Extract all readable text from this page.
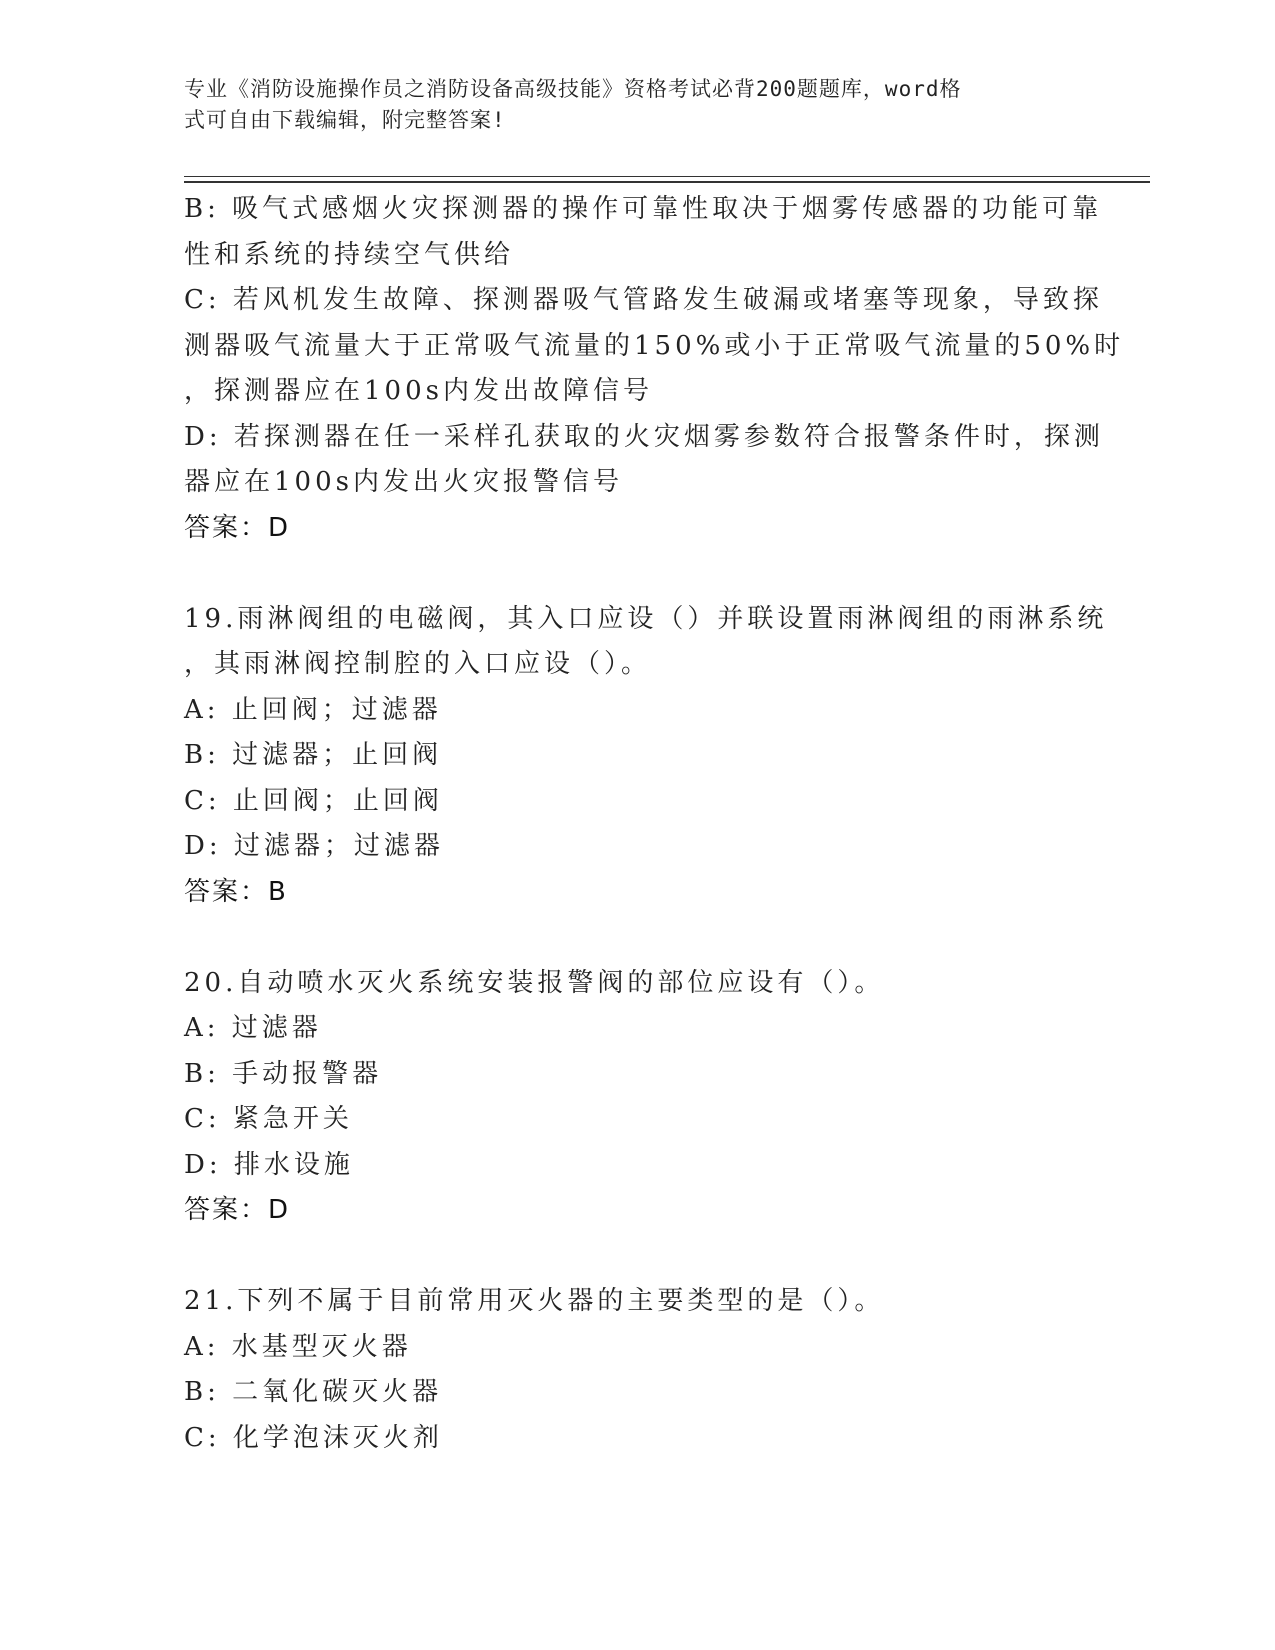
专业《消防设施操作员之消防设备高级技能》资格考试必背200题题库，word格
式可自由下载编辑，附完整答案!
B: 吸气式感烟火灾探测器的操作可靠性取决于烟雾传感器的功能可靠
性和系统的持续空气供给
C: 若风机发生故障、探测器吸气管路发生破漏或堵塞等现象，导致探
测器吸气流量大于正常吸气流量的150%或小于正常吸气流量的50%时
，探测器应在100s内发出故障信号
D: 若探测器在任一采样孔获取的火灾烟雾参数符合报警条件时，探测
器应在100s内发出火灾报警信号
答案：D
19.雨淋阀组的电磁阀，其入口应设（）并联设置雨淋阀组的雨淋系统
，其雨淋阀控制腔的入口应设（）。
A: 止回阀；过滤器
B: 过滤器；止回阀
C: 止回阀；止回阀
D: 过滤器；过滤器
答案：B
20.自动喷水灭火系统安装报警阀的部位应设有（）。
A: 过滤器
B: 手动报警器
C: 紧急开关
D: 排水设施
答案：D
21.下列不属于目前常用灭火器的主要类型的是（）。
A: 水基型灭火器
B: 二氧化碳灭火器
C: 化学泡沫灭火剂
